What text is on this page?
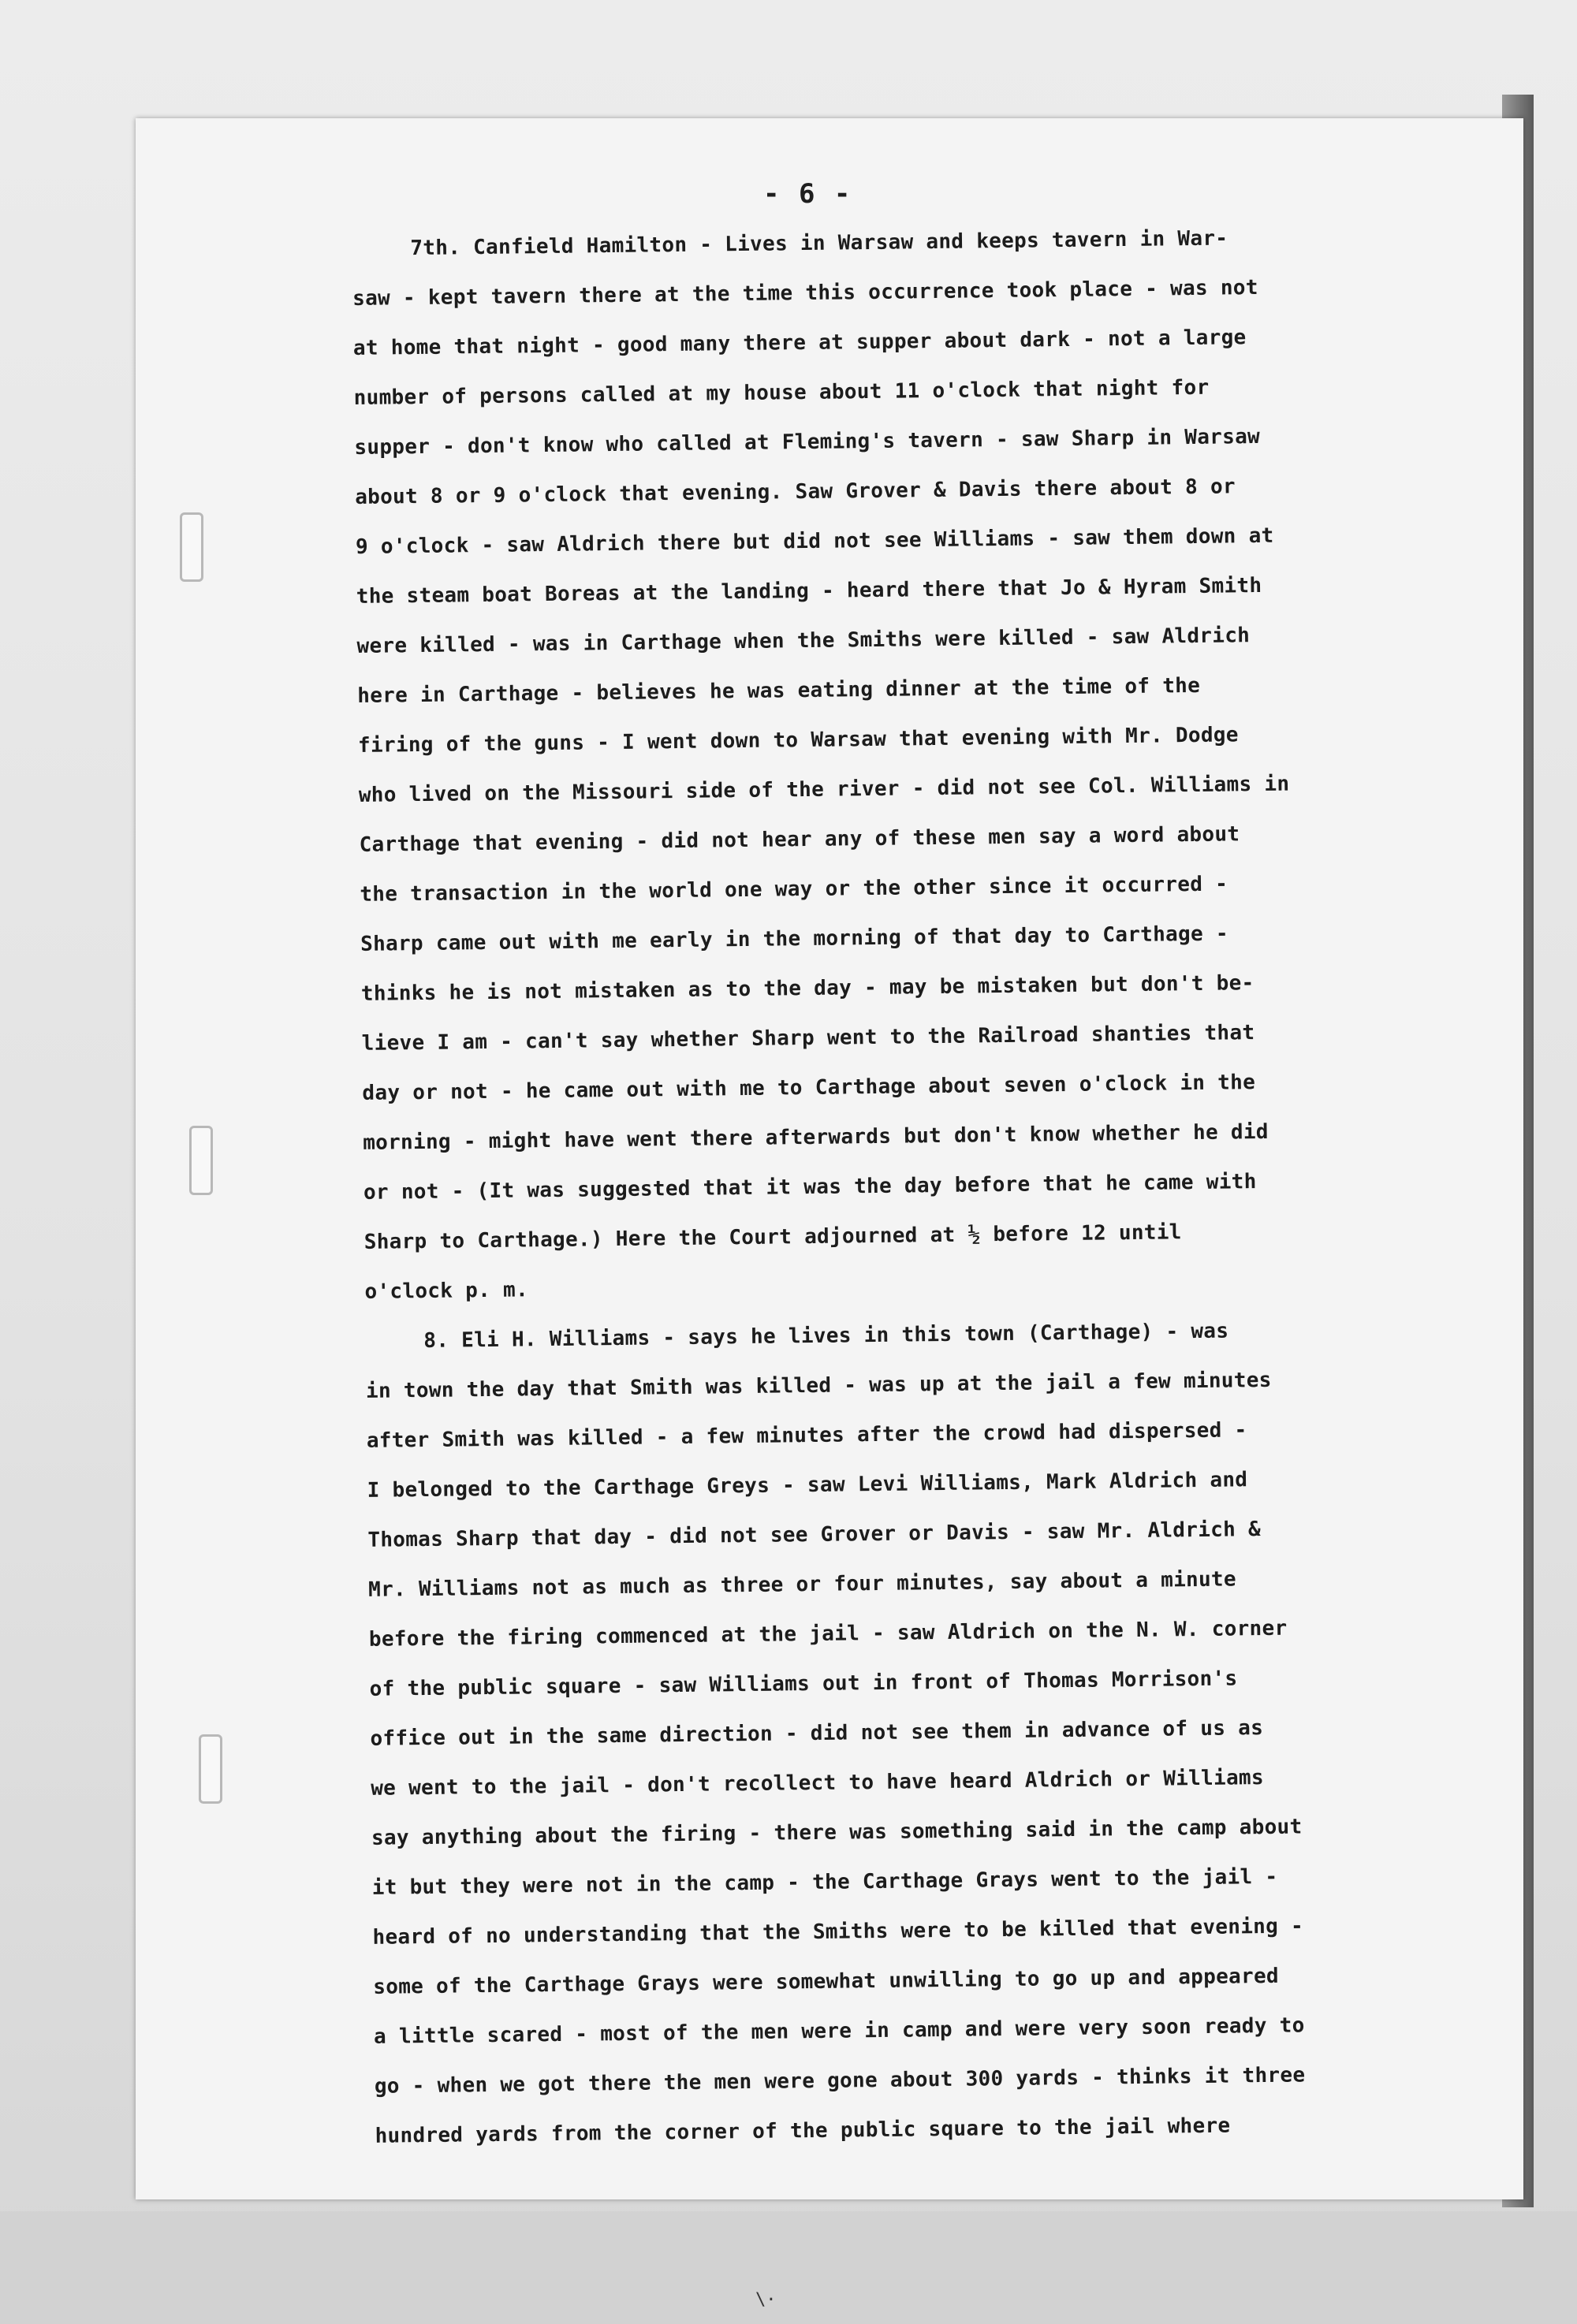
- 6 -
7th. Canfield Hamilton - Lives in Warsaw and keeps tavern in War-
saw - kept tavern there at the time this occurrence took place - was not
at home that night - good many there at supper about dark - not a large
number of persons called at my house about 11 o'clock that night for
supper - don't know who called at Fleming's tavern - saw Sharp in Warsaw
about 8 or 9 o'clock that evening. Saw Grover & Davis there about 8 or
9 o'clock - saw Aldrich there but did not see Williams - saw them down at
the steam boat Boreas at the landing - heard there that Jo & Hyram Smith
were killed - was in Carthage when the Smiths were killed - saw Aldrich
here in Carthage - believes he was eating dinner at the time of the
firing of the guns - I went down to Warsaw that evening with Mr. Dodge
who lived on the Missouri side of the river - did not see Col. Williams in
Carthage that evening - did not hear any of these men say a word about
the transaction in the world one way or the other since it occurred -
Sharp came out with me early in the morning of that day to Carthage -
thinks he is not mistaken as to the day - may be mistaken but don't be-
lieve I am - can't say whether Sharp went to the Railroad shanties that
day or not - he came out with me to Carthage about seven o'clock in the
morning - might have went there afterwards but don't know whether he did
or not - (It was suggested that it was the day before that he came with
Sharp to Carthage.) Here the Court adjourned at ½ before 12 until
o'clock p. m.
8. Eli H. Williams - says he lives in this town (Carthage) - was
in town the day that Smith was killed - was up at the jail a few minutes
after Smith was killed - a few minutes after the crowd had dispersed -
I belonged to the Carthage Greys - saw Levi Williams, Mark Aldrich and
Thomas Sharp that day - did not see Grover or Davis - saw Mr. Aldrich &
Mr. Williams not as much as three or four minutes, say about a minute
before the firing commenced at the jail - saw Aldrich on the N. W. corner
of the public square - saw Williams out in front of Thomas Morrison's
office out in the same direction - did not see them in advance of us as
we went to the jail - don't recollect to have heard Aldrich or Williams
say anything about the firing - there was something said in the camp about
it but they were not in the camp - the Carthage Grays went to the jail -
heard of no understanding that the Smiths were to be killed that evening -
some of the Carthage Grays were somewhat unwilling to go up and appeared
a little scared - most of the men were in camp and were very soon ready to
go - when we got there the men were gone about 300 yards - thinks it three
hundred yards from the corner of the public square to the jail where
\·
